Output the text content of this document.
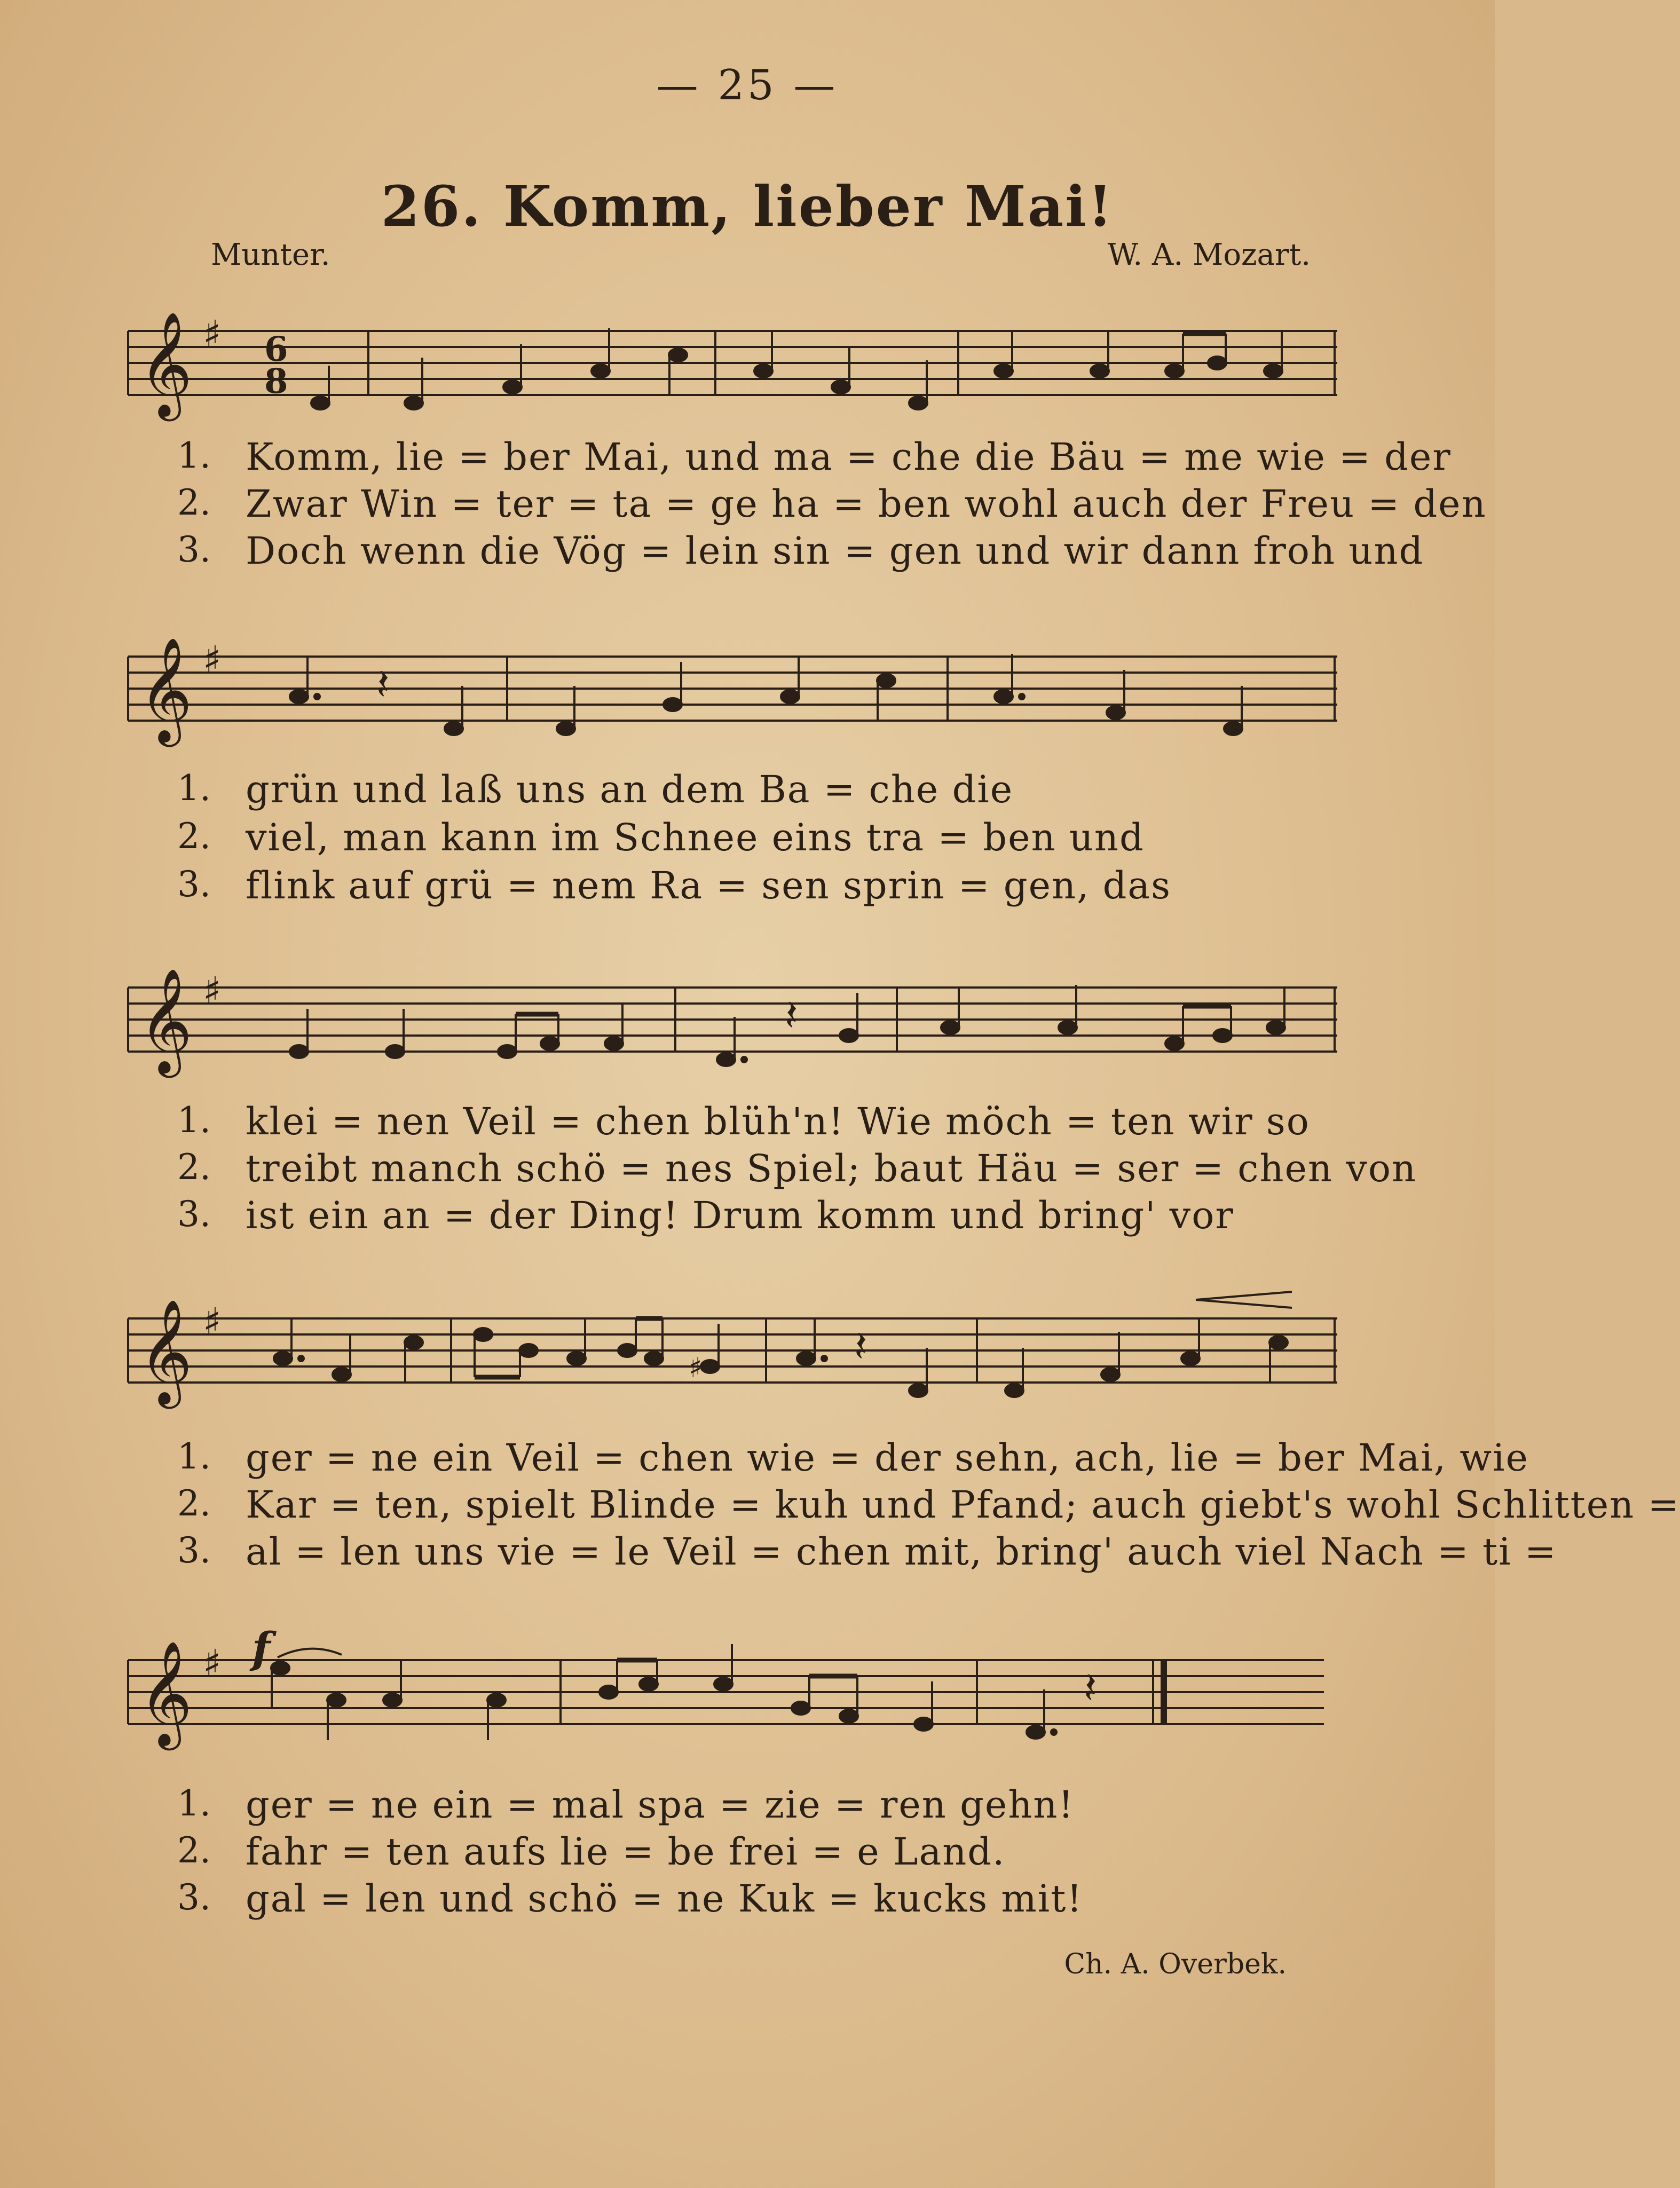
— 25 —
26. Komm, lieber Mai!
Munter.	W. A. Mozart.
𝄞 ♯ 6
8
1. Komm, lie = ber Mai, und ma = che die Bäu = me wie = der
2. Zwar Win = ter = ta = ge ha = ben wohl auch der Freu = den
3. Doch wenn die Vög = lein sin = gen und wir dann froh und
𝄞 ♯	𝄽
1. grün und laß uns an dem Ba = che die
2. viel, man kann im Schnee eins tra = ben und
3. flink auf grü = nem Ra = sen sprin = gen, das
𝄞 ♯	𝄽
1. klei = nen Veil = chen blüh'n! Wie möch = ten wir so
2. treibt manch schö = nes Spiel; baut Häu = ser = chen von
3. ist ein an = der Ding! Drum komm und bring' vor
𝄞 ♯
♯	𝄽
1. ger = ne ein Veil = chen wie = der sehn, ach, lie = ber Mai, wie
2. Kar = ten, spielt Blinde = kuh und Pfand; auch giebt's wohl Schlitten =
3. al = len uns vie = le Veil = chen mit, bring' auch viel Nach = ti =
f
𝄞 ♯	𝄽
1. ger = ne ein = mal spa = zie = ren gehn!
2. fahr = ten aufs lie = be frei = e Land.
3. gal = len und schö = ne Kuk = kucks mit!
Ch. A. Overbek.
